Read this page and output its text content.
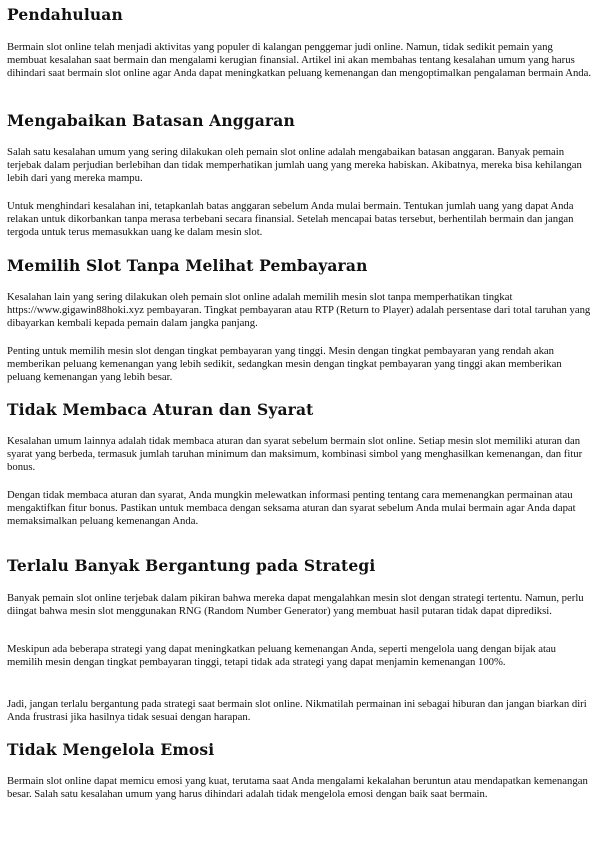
Pendahuluan

Bermain slot online telah menjadi aktivitas yang populer di kalangan penggemar judi online. Namun, tidak sedikit pemain yang membuat kesalahan saat bermain dan mengalami kerugian finansial. Artikel ini akan membahas tentang kesalahan umum yang harus dihindari saat bermain slot online agar Anda dapat meningkatkan peluang kemenangan dan mengoptimalkan pengalaman bermain Anda.

Mengabaikan Batasan Anggaran

Salah satu kesalahan umum yang sering dilakukan oleh pemain slot online adalah mengabaikan batasan anggaran. Banyak pemain terjebak dalam perjudian berlebihan dan tidak memperhatikan jumlah uang yang mereka habiskan. Akibatnya, mereka bisa kehilangan lebih dari yang mereka mampu.

Untuk menghindari kesalahan ini, tetapkanlah batas anggaran sebelum Anda mulai bermain. Tentukan jumlah uang yang dapat Anda relakan untuk dikorbankan tanpa merasa terbebani secara finansial. Setelah mencapai batas tersebut, berhentilah bermain dan jangan tergoda untuk terus memasukkan uang ke dalam mesin slot.

Memilih Slot Tanpa Melihat Pembayaran

Kesalahan lain yang sering dilakukan oleh pemain slot online adalah memilih mesin slot tanpa memperhatikan tingkat https://www.gigawin88hoki.xyz pembayaran. Tingkat pembayaran atau RTP (Return to Player) adalah persentase dari total taruhan yang dibayarkan kembali kepada pemain dalam jangka panjang.

Penting untuk memilih mesin slot dengan tingkat pembayaran yang tinggi. Mesin dengan tingkat pembayaran yang rendah akan memberikan peluang kemenangan yang lebih sedikit, sedangkan mesin dengan tingkat pembayaran yang tinggi akan memberikan peluang kemenangan yang lebih besar.

Tidak Membaca Aturan dan Syarat

Kesalahan umum lainnya adalah tidak membaca aturan dan syarat sebelum bermain slot online. Setiap mesin slot memiliki aturan dan syarat yang berbeda, termasuk jumlah taruhan minimum dan maksimum, kombinasi simbol yang menghasilkan kemenangan, dan fitur bonus.

Dengan tidak membaca aturan dan syarat, Anda mungkin melewatkan informasi penting tentang cara memenangkan permainan atau mengaktifkan fitur bonus. Pastikan untuk membaca dengan seksama aturan dan syarat sebelum Anda mulai bermain agar Anda dapat memaksimalkan peluang kemenangan Anda.

Terlalu Banyak Bergantung pada Strategi

Banyak pemain slot online terjebak dalam pikiran bahwa mereka dapat mengalahkan mesin slot dengan strategi tertentu. Namun, perlu diingat bahwa mesin slot menggunakan RNG (Random Number Generator) yang membuat hasil putaran tidak dapat diprediksi.

Meskipun ada beberapa strategi yang dapat meningkatkan peluang kemenangan Anda, seperti mengelola uang dengan bijak atau memilih mesin dengan tingkat pembayaran tinggi, tetapi tidak ada strategi yang dapat menjamin kemenangan 100%.

Jadi, jangan terlalu bergantung pada strategi saat bermain slot online. Nikmatilah permainan ini sebagai hiburan dan jangan biarkan diri Anda frustrasi jika hasilnya tidak sesuai dengan harapan.

Tidak Mengelola Emosi

Bermain slot online dapat memicu emosi yang kuat, terutama saat Anda mengalami kekalahan beruntun atau mendapatkan kemenangan besar. Salah satu kesalahan umum yang harus dihindari adalah tidak mengelola emosi dengan baik saat bermain.
